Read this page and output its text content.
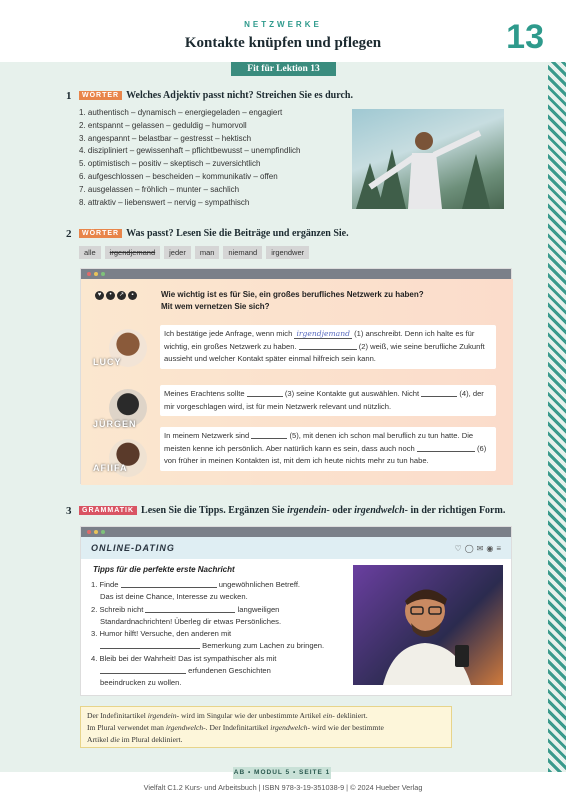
NETZWERKE
Kontakte knüpfen und pflegen	13
Fit für Lektion 13
1	WÖRTER Welches Adjektiv passt nicht? Streichen Sie es durch.
1. authentisch – dynamisch – energiegeladen – engagiert
2. entspannt – gelassen – geduldig – humorvoll
3. angespannt – belastbar – gestresst – hektisch
4. diszipliniert – gewissenhaft – pflichtbewusst – unempfindlich
5. optimistisch – positiv – skeptisch – zuversichtlich
6. aufgeschlossen – bescheiden – kommunikativ – offen
7. ausgelassen – fröhlich – munter – sachlich
8. attraktiv – liebenswert – nervig – sympathisch
2	WÖRTER Was passt? Lesen Sie die Beiträge und ergänzen Sie.
alle	irgendjemand	jeder	man	niemand	irgendwer
♥	•	↗	▪	Wie wichtig ist es für Sie, ein großes berufliches Netzwerk zu haben?
Mit wem vernetzen Sie sich?
LUCY
Ich bestätige jede Anfrage, wenn mich irgendjemand (1) anschreibt. Denn ich halte es für wichtig, ein großes Netzwerk zu haben.	(2) weiß, wie seine berufliche Zukunft aussieht und welcher Kontakt später einmal hilfreich sein kann.
JÜRGEN
Meines Erachtens sollte	(3) seine Kontakte gut auswählen. Nicht	(4), der mir vorgeschlagen wird, ist für mein Netzwerk relevant und nützlich.
AFIIFA
In meinem Netzwerk sind	(5), mit denen ich schon mal beruflich zu tun hatte. Die meisten kenne ich persönlich. Aber natürlich kann es sein, dass auch noch	(6) von früher in meinen Kontakten ist, mit dem ich heute nichts mehr zu tun habe.
3	GRAMMATIK Lesen Sie die Tipps. Ergänzen Sie irgendein- oder irgendwelch- in der richtigen Form.
ONLINE-DATING	♡ ◯ ✉ ◉ ≡
Tipps für die perfekte erste Nachricht
1. Finde	ungewöhnlichen Betreff.
Das ist deine Chance, Interesse zu wecken.
2. Schreib nicht	langweiligen
Standardnachrichten! Überleg dir etwas Persönliches.
3. Humor hilft! Versuche, den anderen mit
Bemerkung zum Lachen zu bringen.
4. Bleib bei der Wahrheit! Das ist sympathischer als mit
erfundenen Geschichten
beeindrucken zu wollen.
Der Indefinitartikel irgendein- wird im Singular wie der unbestimmte Artikel ein- dekliniert.
Im Plural verwendet man irgendwelch-. Der Indefinitartikel irgendwelch- wird wie der bestimmte
Artikel die im Plural dekliniert.
AB • MODUL 5 • SEITE 1
Vielfalt C1.2 Kurs- und Arbeitsbuch | ISBN 978-3-19-351038-9 | © 2024 Hueber Verlag
